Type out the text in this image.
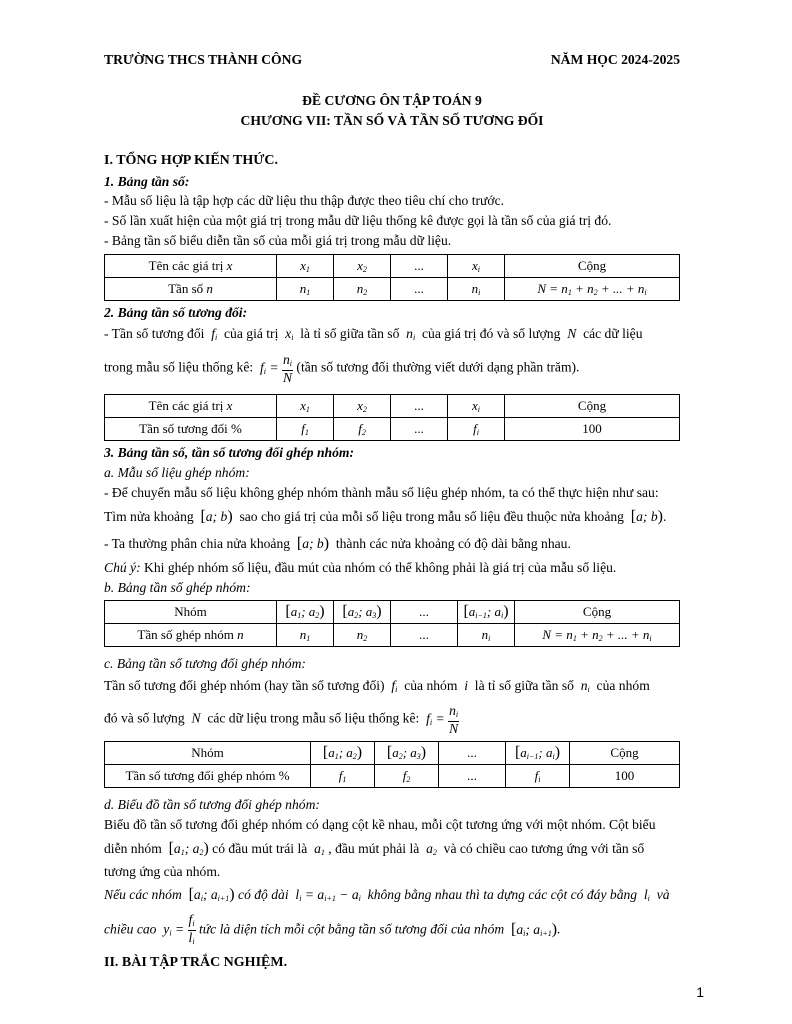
TRƯỜNG THCS THÀNH CÔNG	NĂM HỌC 2024-2025
ĐỀ CƯƠNG ÔN TẬP TOÁN 9
CHƯƠNG VII: TẦN SỐ VÀ TẦN SỐ TƯƠNG ĐỐI
I. TỔNG HỢP KIẾN THỨC.
1. Bảng tần số:
- Mẫu số liệu là tập hợp các dữ liệu thu thập được theo tiêu chí cho trước.
- Số lần xuất hiện của một giá trị trong mẫu dữ liệu thống kê được gọi là tần số của giá trị đó.
- Bảng tần số biểu diễn tần số của mỗi giá trị trong mẫu dữ liệu.
Tên các giá trị x	$x_1$	$x_2$	...	$x_i$	Cộng
Tần số n	$n_1$	$n_2$	...	$n_i$	$N = n_1 + n_2$ + ... + $n_i$
2. Bảng tần số tương đối:
- Tần số tương đối $f_i$ của giá trị $x_i$ là tỉ số giữa tần số $n_i$ của giá trị đó và số lượng N các dữ liệu
trong mẫu số liệu thống kê: $f_i = \frac{n_i}{N}$ (tần số tương đối thường viết dưới dạng phần trăm).
Tên các giá trị x	$x_1$	$x_2$	...	$x_i$	Cộng
Tần số tương đối %	$f_1$	$f_2$	...	$f_i$	100
3. Bảng tần số, tần số tương đối ghép nhóm:
a. Mẫu số liệu ghép nhóm:
- Để chuyển mẫu số liệu không ghép nhóm thành mẫu số liệu ghép nhóm, ta có thể thực hiện như sau:
Tìm nửa khoảng [a; b) sao cho giá trị của mỗi số liệu trong mẫu số liệu đều thuộc nửa khoảng [a; b).
- Ta thường phân chia nửa khoảng [a; b) thành các nửa khoảng có độ dài bằng nhau.
Chú ý: Khi ghép nhóm số liệu, đầu mút của nhóm có thể không phải là giá trị của mẫu số liệu.
b. Bảng tần số ghép nhóm:
Nhóm	[$a_1$; $a_2$)	[$a_2$; $a_3$)	...	[$a_{i-1}$; $a_i$)	Cộng
Tần số ghép nhóm n	$n_1$	$n_2$	...	$n_i$	$N = n_1 + n_2$ + ... + $n_i$
c. Bảng tần số tương đối ghép nhóm:
Tần số tương đối ghép nhóm (hay tần số tương đối) $f_i$ của nhóm i là tỉ số giữa tần số $n_i$ của nhóm
đó và số lượng N các dữ liệu trong mẫu số liệu thống kê: $f_i = \frac{n_i}{N}$
Nhóm	[$a_1$; $a_2$)	[$a_2$; $a_3$)	...	[$a_{i-1}$; $a_i$)	Cộng
Tần số tương đối ghép nhóm %	$f_1$	$f_2$	...	$f_i$	100
d. Biểu đồ tần số tương đối ghép nhóm:
Biểu đồ tần số tương đối ghép nhóm có dạng cột kề nhau, mỗi cột tương ứng với một nhóm. Cột biểu
diễn nhóm [$a_1$; $a_2$) có đầu mút trái là $a_1$ , đầu mút phải là $a_2$ và có chiều cao tương ứng với tần số
tương ứng của nhóm.
Nếu các nhóm [$a_i$; $a_{i+1}$) có độ dài  $l_i = a_{i+1} - a_i$ không bằng nhau thì ta dựng các cột có đáy bằng  $l_i$ và
chiều cao  $y_i = \frac{f_i}{l_i}$ tức là diện tích mỗi cột bằng tần số tương đối của nhóm [$a_i$; $a_{i+1}$).
II. BÀI TẬP TRẮC NGHIỆM.
1
